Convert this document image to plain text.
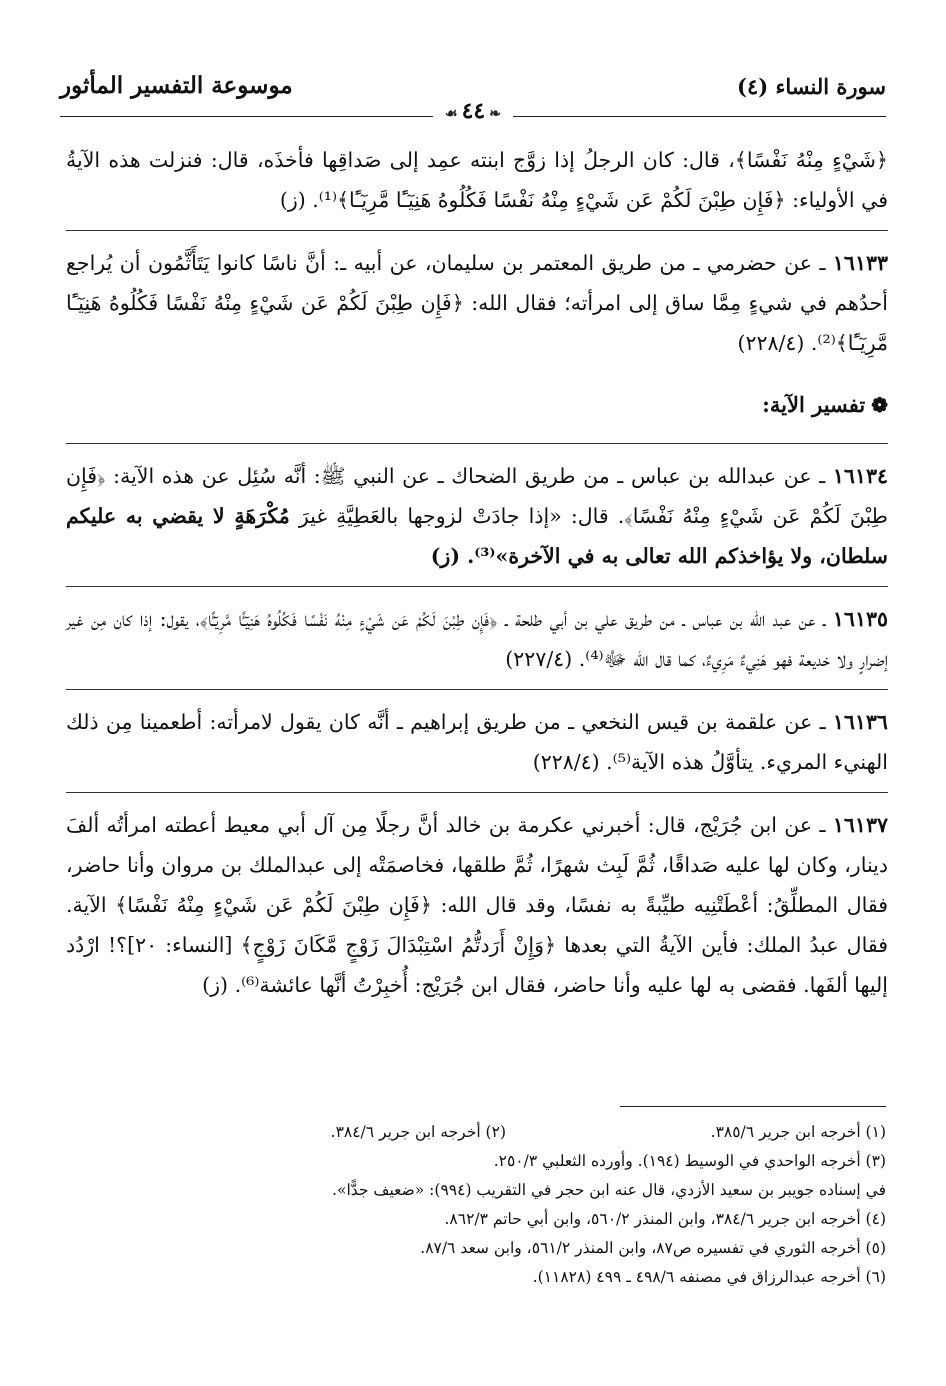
سورة النساء (٤)
موسوعة التفسير المأثور
❧٤٤☙

﴿شَيْءٍ مِنْهُ نَفْسًا﴾، قال: كان الرجلُ إذا زوَّج ابنته عمِد إلى صَداقِها فأخذَه، قال: فنزلت هذه الآيةُ في الأولياء: ﴿فَإِن طِبْنَ لَكُمْ عَن شَيْءٍ مِنْهُ نَفْسًا فَكُلُوهُ هَنِيٓـًٔا مَّرِيٓـًٔا﴾⁽¹⁾. (ز)

١٦١٣٣ ـ عن حضرمي ـ من طريق المعتمر بن سليمان، عن أبيه ـ: أنَّ ناسًا كانوا يَتَأَثَّمُون أن يُراجع أحدُهم في شيءٍ مِمَّا ساق إلى امرأته؛ فقال الله: ﴿فَإِن طِبْنَ لَكُمْ عَن شَيْءٍ مِنْهُ نَفْسًا فَكُلُوهُ هَنِيٓـًٔا مَّرِيٓـًٔا﴾⁽²⁾. (٢٢٨/٤)

❁تفسير الآية:

١٦١٣٤ ـ عن عبدالله بن عباس ـ من طريق الضحاك ـ عن النبي ﷺ: أنَّه سُئِل عن هذه الآية: ﴿فَإِن طِبْنَ لَكُمْ عَن شَيْءٍ مِنْهُ نَفْسًا﴾. قال: «إذا جادَتْ لزوجها بالعَطِيَّةِ غيرَ مُكْرَهَةٍ لا يقضي به عليكم سلطان، ولا يؤاخذكم الله تعالى به في الآخرة»⁽³⁾. (ز)

١٦١٣٥ ـ عن عبد الله بن عباس ـ من طريق علي بن أبي طلحة ـ ﴿فَإِن طِبْنَ لَكُمْ عَن شَيْءٍ مِنْهُ نَفْسًا فَكُلُوهُ هَنِيٓـًٔا مَّرِيٓـًٔا﴾، يقول: إذا كان مِن غير إضرارٍ ولا خديعة فهو هَنِيءٌ مَرِيءٌ، كما قال الله ﷻ⁽⁴⁾. (٢٢٧/٤)

١٦١٣٦ ـ عن علقمة بن قيس النخعي ـ من طريق إبراهيم ـ أنَّه كان يقول لامرأته: أطعمينا مِن ذلك الهنيء المريء. يتأوَّلُ هذه الآية⁽⁵⁾. (٢٢٨/٤)

١٦١٣٧ ـ عن ابن جُرَيْج، قال: أخبرني عكرمة بن خالد أنَّ رجلًا مِن آل أبي معيط أعطته امرأتُه ألفَ دينار، وكان لها عليه صَداقًا، ثُمَّ لَبِث شهرًا، ثُمَّ طلقها، فخاصمَتْه إلى عبدالملك بن مروان وأنا حاضر، فقال المطلِّقُ: أعْطَتْنِيه طيِّبةً به نفسًا، وقد قال الله: ﴿فَإِن طِبْنَ لَكُمْ عَن شَيْءٍ مِنْهُ نَفْسًا﴾ الآية. فقال عبدُ الملك: فأين الآيةُ التي بعدها ﴿وَإِنْ أَرَدتُّمُ اسْتِبْدَالَ زَوْجٍ مَّكَانَ زَوْجٍ﴾ [النساء: ٢٠]؟! ارْدُد إليها ألفَها. فقضى به لها عليه وأنا حاضر، فقال ابن جُرَيْج: أُخبِرْتُ أنَّها عائشة⁽⁶⁾. (ز)

(١) أخرجه ابن جرير ٣٨٥/٦.
(٢) أخرجه ابن جرير ٣٨٤/٦.
(٣) أخرجه الواحدي في الوسيط (١٩٤). وأورده الثعلبي ٢٥٠/٣.
في إسناده جويبر بن سعيد الأزدي، قال عنه ابن حجر في التقريب (٩٩٤): «ضعيف جدًّا».
(٤) أخرجه ابن جرير ٣٨٤/٦، وابن المنذر ٥٦٠/٢، وابن أبي حاتم ٨٦٢/٣.
(٥) أخرجه الثوري في تفسيره ص٨٧، وابن المنذر ٥٦١/٢، وابن سعد ٨٧/٦.
(٦) أخرجه عبدالرزاق في مصنفه ٤٩٨/٦ ـ ٤٩٩ (١١٨٢٨).
